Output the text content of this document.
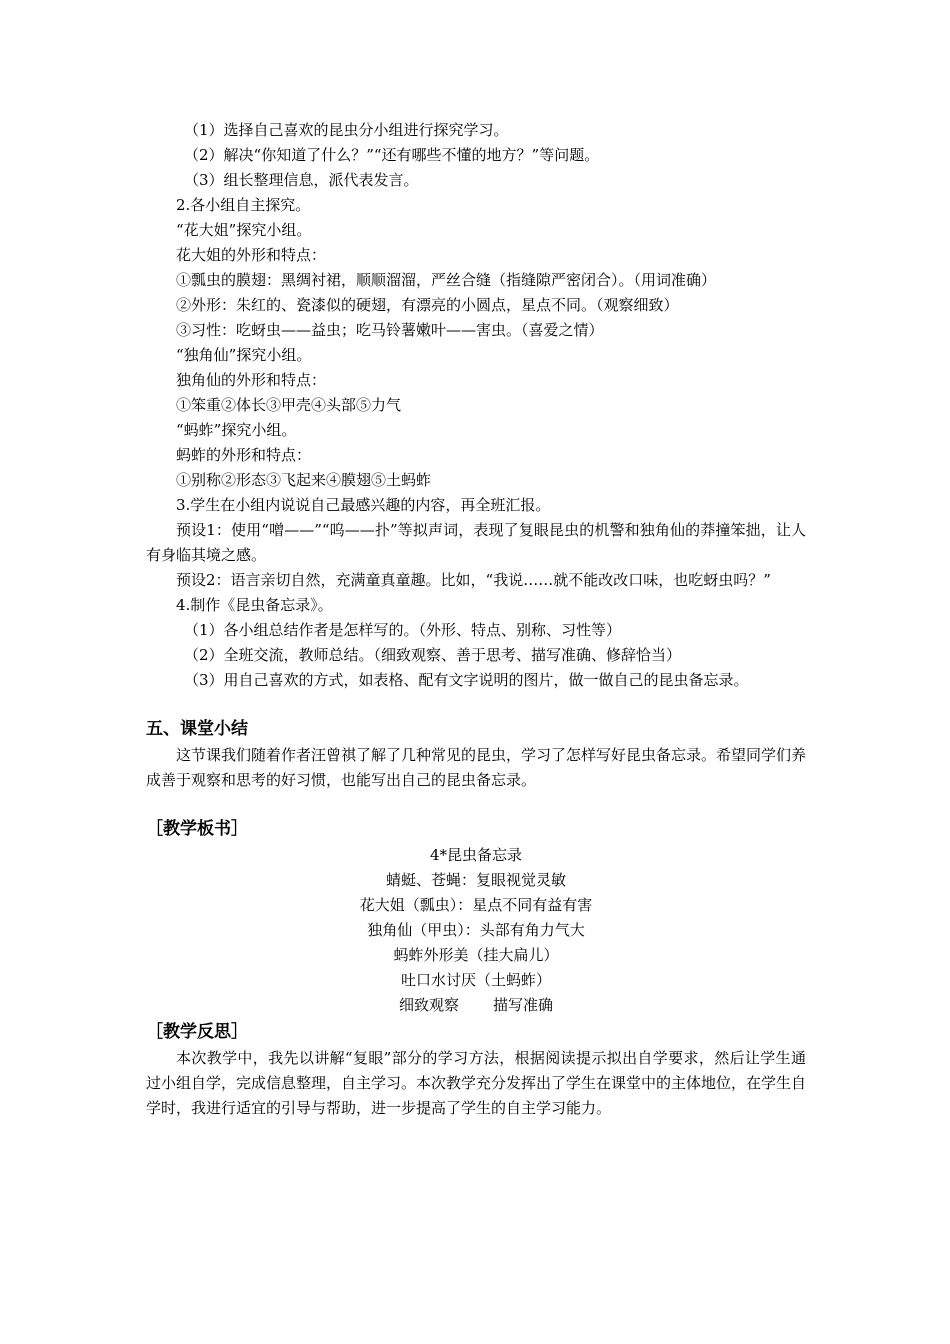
（1）选择自己喜欢的昆虫分小组进行探究学习。
（2）解决“你知道了什么？”“还有哪些不懂的地方？”等问题。
（3）组长整理信息，派代表发言。
2.各小组自主探究。
“花大姐”探究小组。
花大姐的外形和特点：
①瓢虫的膜翅：黑绸衬裙，顺顺溜溜，严丝合缝（指缝隙严密闭合）。（用词准确）
②外形：朱红的、瓷漆似的硬翅，有漂亮的小圆点，星点不同。（观察细致）
③习性：吃蚜虫——益虫；吃马铃薯嫩叶——害虫。（喜爱之情）
“独角仙”探究小组。
独角仙的外形和特点：
①笨重②体长③甲壳④头部⑤力气
“蚂蚱”探究小组。
蚂蚱的外形和特点：
①别称②形态③飞起来④膜翅⑤土蚂蚱
3.学生在小组内说说自己最感兴趣的内容，再全班汇报。
预设1：使用“噌——”“呜——扑”等拟声词，表现了复眼昆虫的机警和独角仙的莽撞笨拙，让人有身临其境之感。
预设2：语言亲切自然，充满童真童趣。比如，“我说……就不能改改口味，也吃蚜虫吗？”
4.制作《昆虫备忘录》。
（1）各小组总结作者是怎样写的。（外形、特点、别称、习性等）
（2）全班交流，教师总结。（细致观察、善于思考、描写准确、修辞恰当）
（3）用自己喜欢的方式，如表格、配有文字说明的图片，做一做自己的昆虫备忘录。
五、课堂小结
这节课我们随着作者汪曾祺了解了几种常见的昆虫，学习了怎样写好昆虫备忘录。希望同学们养成善于观察和思考的好习惯，也能写出自己的昆虫备忘录。
［教学板书］
4*昆虫备忘录
蜻蜓、苍蝇：复眼视觉灵敏
花大姐（瓢虫）：星点不同有益有害
独角仙（甲虫）：头部有角力气大
蚂蚱外形美（挂大扁儿）
吐口水讨厌（土蚂蚱）
细致观察 描写准确
［教学反思］
本次教学中，我先以讲解“复眼”部分的学习方法，根据阅读提示拟出自学要求，然后让学生通过小组自学，完成信息整理，自主学习。本次教学充分发挥出了学生在课堂中的主体地位，在学生自学时，我进行适宜的引导与帮助，进一步提高了学生的自主学习能力。
